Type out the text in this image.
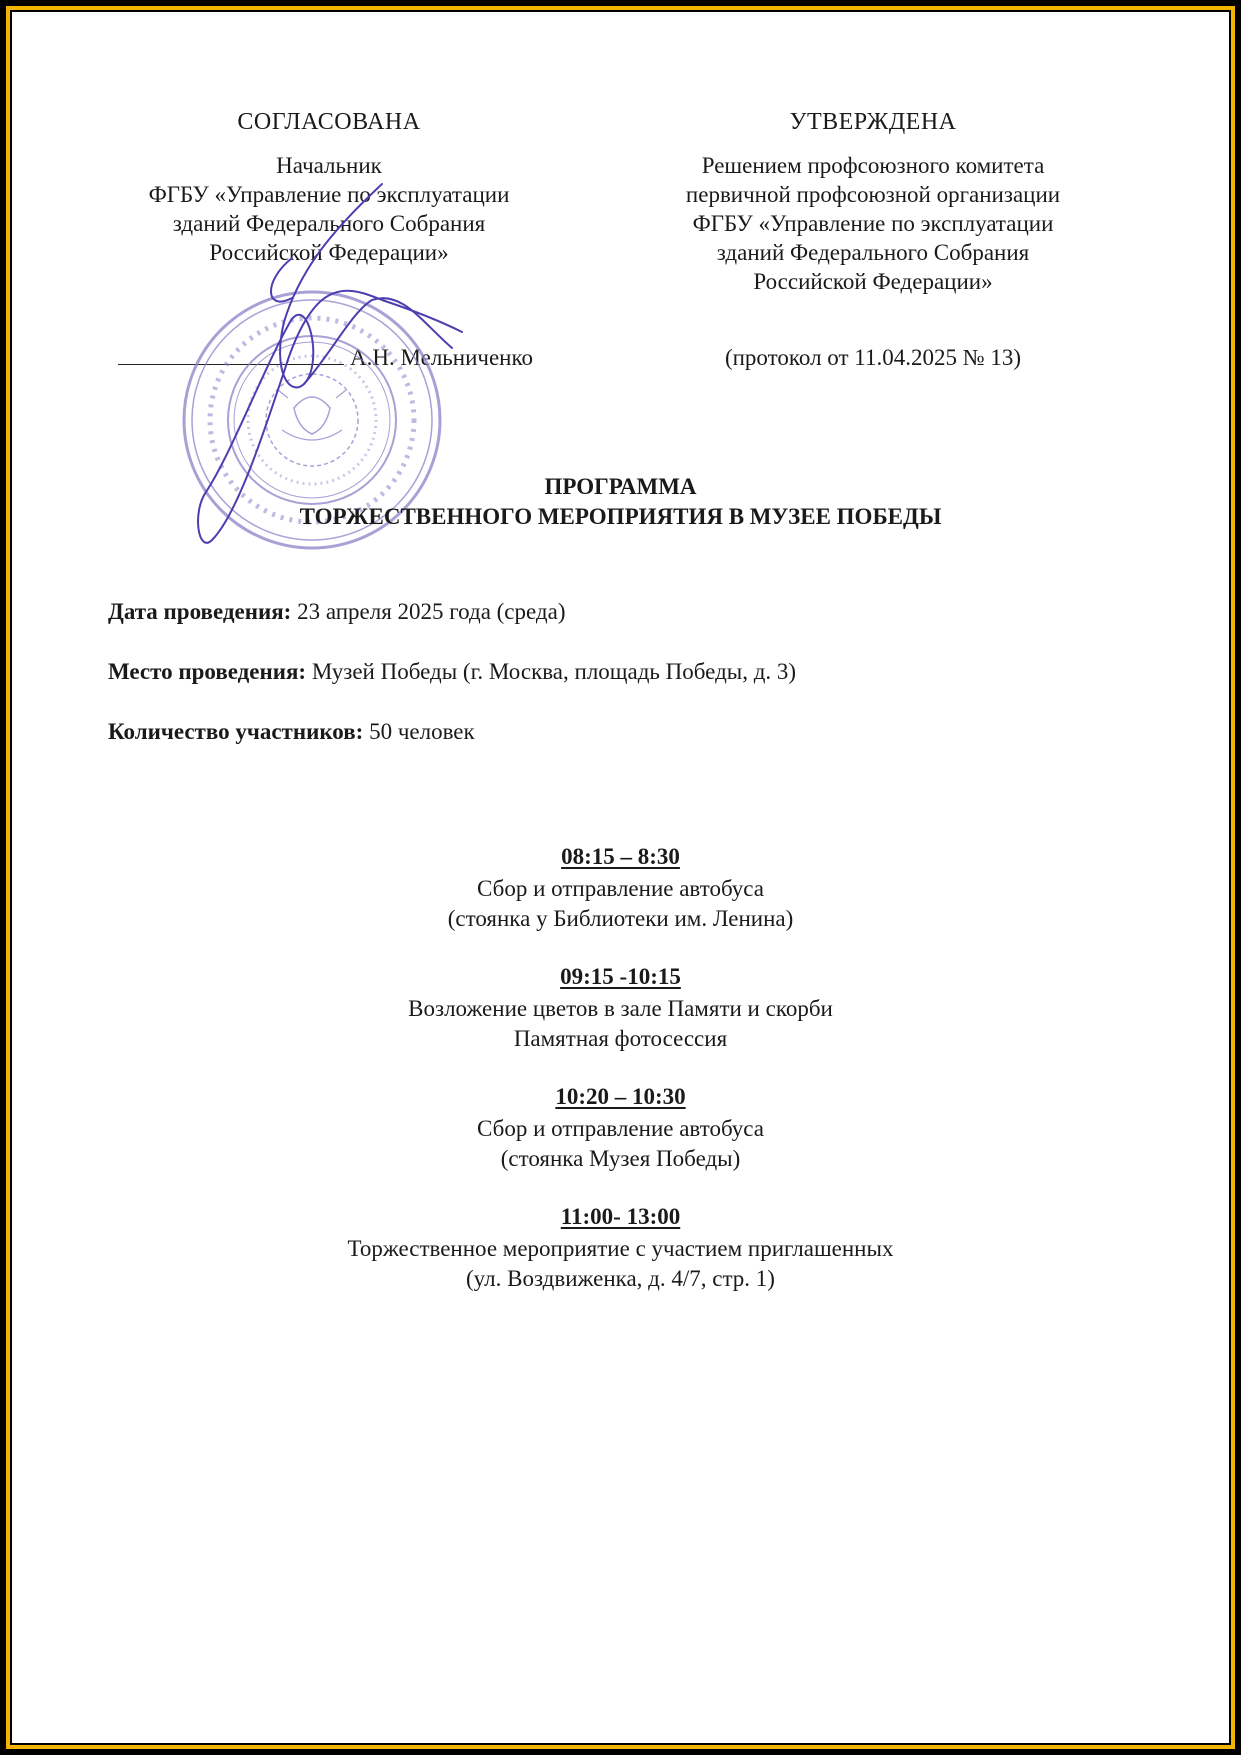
СОГЛАСОВАНА
Начальник
ФГБУ «Управление по эксплуатации
зданий Федерального Собрания
Российской Федерации»
УТВЕРЖДЕНА
Решением профсоюзного комитета
первичной профсоюзной организации
ФГБУ «Управление по эксплуатации
зданий Федерального Собрания
Российской Федерации»
А.Н. Мельниченко	(протокол от 11.04.2025 № 13)
ПРОГРАММА
ТОРЖЕСТВЕННОГО МЕРОПРИЯТИЯ В МУЗЕЕ ПОБЕДЫ
Дата проведения: 23 апреля 2025 года (среда)
Место проведения: Музей Победы (г. Москва, площадь Победы, д. 3)
Количество участников: 50 человек
08:15 – 8:30
Сбор и отправление автобуса
(стоянка у Библиотеки им. Ленина)
09:15 -10:15
Возложение цветов в зале Памяти и скорби
Памятная фотосессия
10:20 – 10:30
Сбор и отправление автобуса
(стоянка Музея Победы)
11:00- 13:00
Торжественное мероприятие с участием приглашенных
(ул. Воздвиженка, д. 4/7, стр. 1)
